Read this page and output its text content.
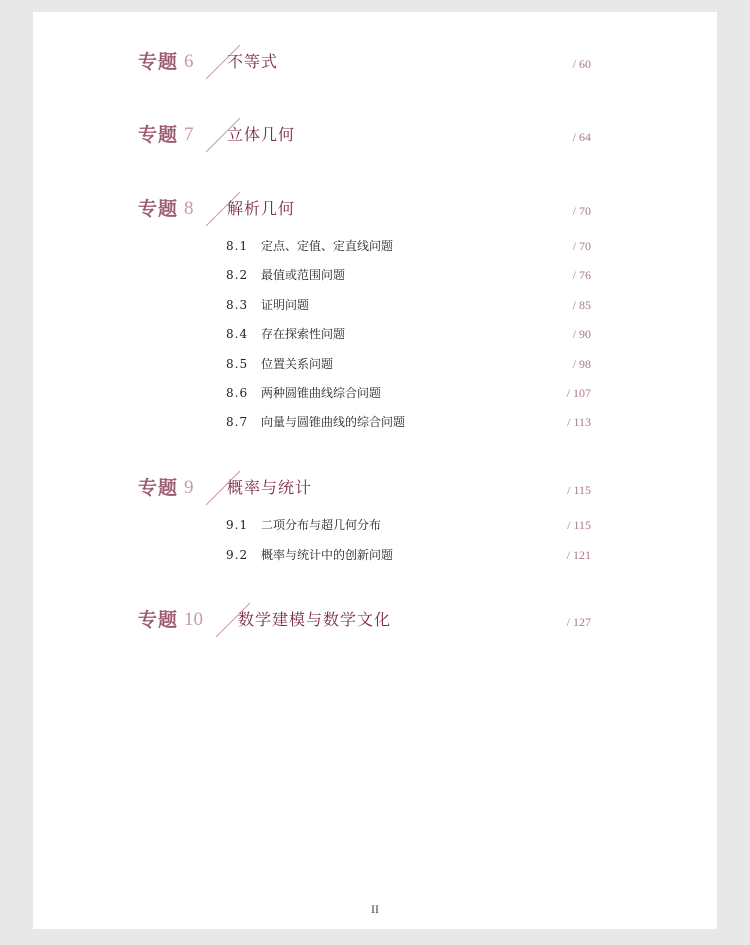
专题 6 不等式	/ 60
专题 7 立体几何	/ 64
专题 8 解析几何	/ 70
8.1 定点、定值、定直线问题	/ 70
8.2 最值或范围问题	/ 76
8.3 证明问题	/ 85
8.4 存在探索性问题	/ 90
8.5 位置关系问题	/ 98
8.6 两种圆锥曲线综合问题	/ 107
8.7 向量与圆锥曲线的综合问题	/ 113
专题 9 概率与统计	/ 115
9.1 二项分布与超几何分布	/ 115
9.2 概率与统计中的创新问题	/ 121
专题 10 数学建模与数学文化	/ 127
II
